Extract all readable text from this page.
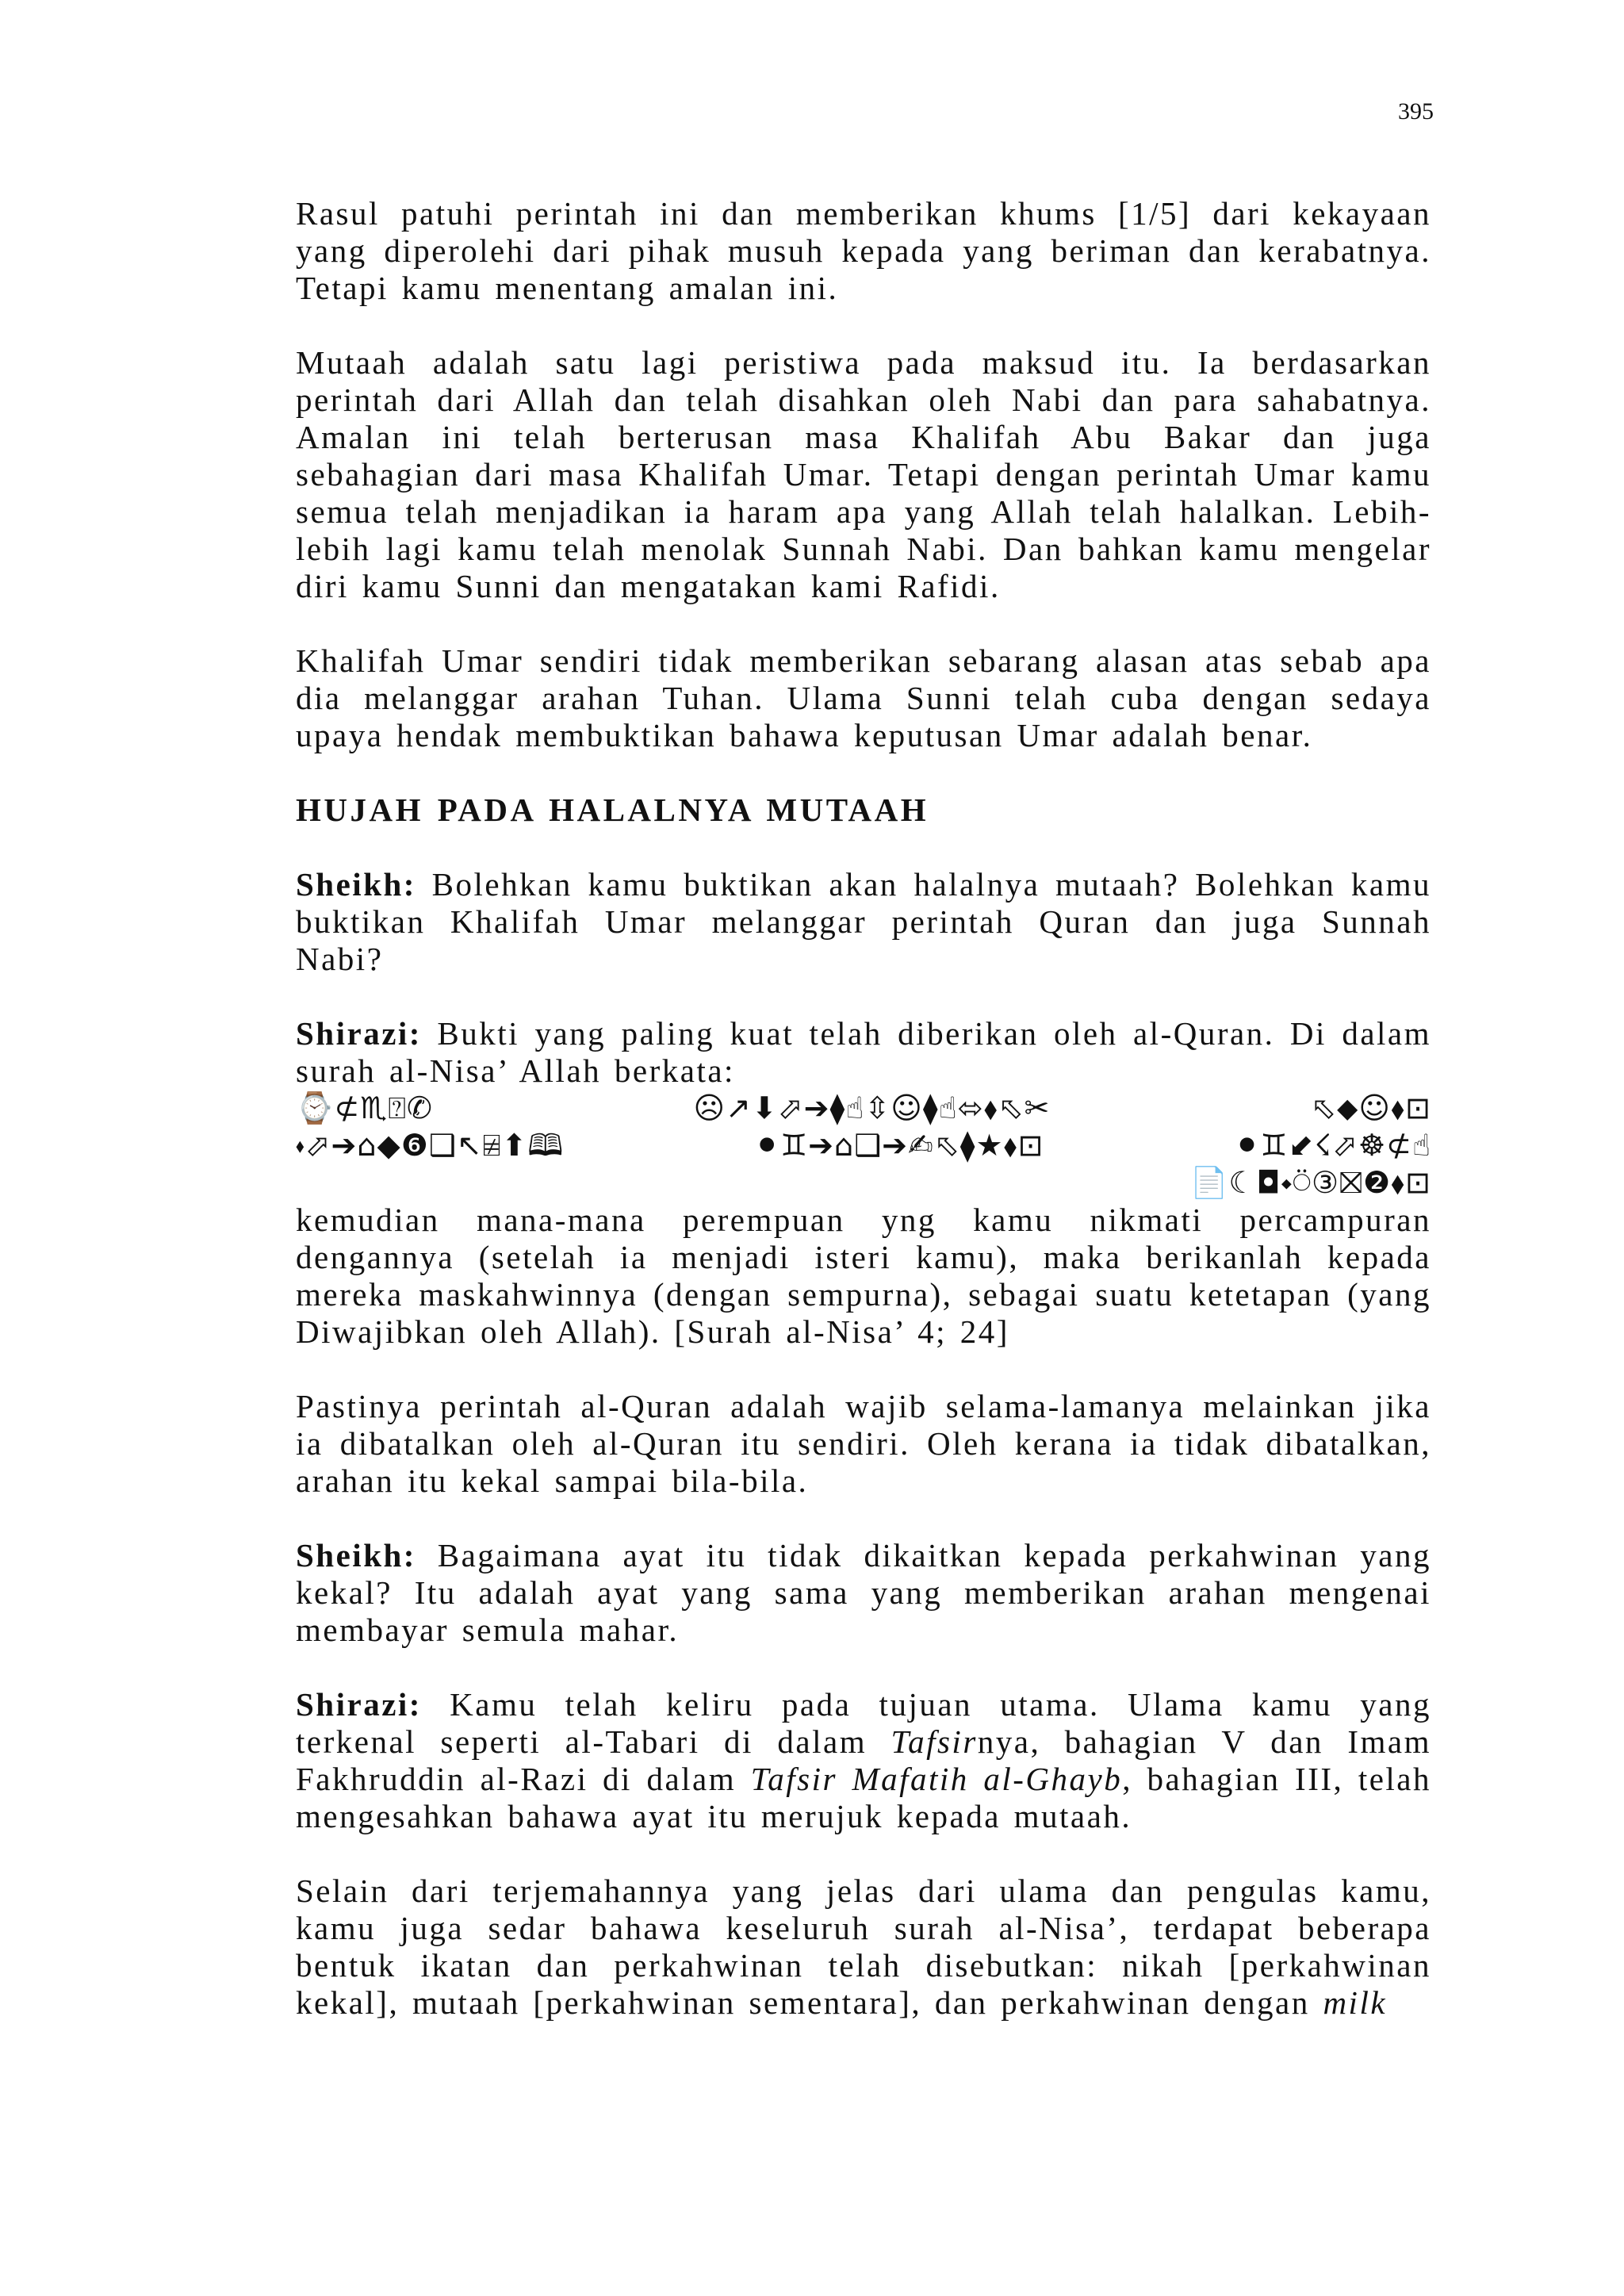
395

Rasul patuhi perintah ini dan memberikan khums [1/5] dari kekayaan yang diperolehi dari pihak musuh kepada yang beriman dan kerabatnya. Tetapi kamu menentang amalan ini.

Mutaah adalah satu lagi peristiwa pada maksud itu. Ia berdasarkan perintah dari Allah dan telah disahkan oleh Nabi dan para sahabatnya. Amalan ini telah berterusan masa Khalifah Abu Bakar dan juga sebahagian dari masa Khalifah Umar. Tetapi dengan perintah Umar kamu semua telah menjadikan ia haram apa yang Allah telah halalkan. Lebih-lebih lagi kamu telah menolak Sunnah Nabi. Dan bahkan kamu mengelar diri kamu Sunni dan mengatakan kami Rafidi.

Khalifah Umar sendiri tidak memberikan sebarang alasan atas sebab apa dia melanggar arahan Tuhan. Ulama Sunni telah cuba dengan sedaya upaya hendak membuktikan bahawa keputusan Umar adalah benar.

HUJAH PADA HALALNYA MUTAAH

Sheikh: Bolehkan kamu buktikan akan halalnya mutaah? Bolehkan kamu buktikan Khalifah Umar melanggar perintah Quran dan juga Sunnah Nabi?

Shirazi: Bukti yang paling kuat telah diberikan oleh al-Quran. Di dalam surah al-Nisa’ Allah berkata:

⌚⊄♏⍰✆	☹↗⬇⬀➔⧫☝⇳☺⧫☝⬄⬧⬁✂	⬁⬥☺⬧⊡
⬪⬀➔⌂◆❻❑↖⍯⬆🕮	⚫♊➔⌂❑➔✍⬁⧫★⬧⊡	⚫♊⬋☇⬀☸⊄☝
📄☾◘⬩⍥③⛝❷⬧⊡

kemudian mana-mana perempuan yng kamu nikmati percampuran dengannya (setelah ia menjadi isteri kamu), maka berikanlah kepada mereka maskahwinnya (dengan sempurna), sebagai suatu ketetapan (yang Diwajibkan oleh Allah). [Surah al-Nisa’ 4; 24]

Pastinya perintah al-Quran adalah wajib selama-lamanya melainkan jika ia dibatalkan oleh al-Quran itu sendiri. Oleh kerana ia tidak dibatalkan, arahan itu kekal sampai bila-bila.

Sheikh: Bagaimana ayat itu tidak dikaitkan kepada perkahwinan yang kekal? Itu adalah ayat yang sama yang memberikan arahan mengenai membayar semula mahar.

Shirazi: Kamu telah keliru pada tujuan utama. Ulama kamu yang terkenal seperti al-Tabari di dalam Tafsirnya, bahagian V dan Imam Fakhruddin al-Razi di dalam Tafsir Mafatih al-Ghayb, bahagian III, telah mengesahkan bahawa ayat itu merujuk kepada mutaah.

Selain dari terjemahannya yang jelas dari ulama dan pengulas kamu, kamu juga sedar bahawa keseluruh surah al-Nisa’, terdapat beberapa bentuk ikatan dan perkahwinan telah disebutkan: nikah [perkahwinan kekal], mutaah [perkahwinan sementara], dan perkahwinan dengan milk
